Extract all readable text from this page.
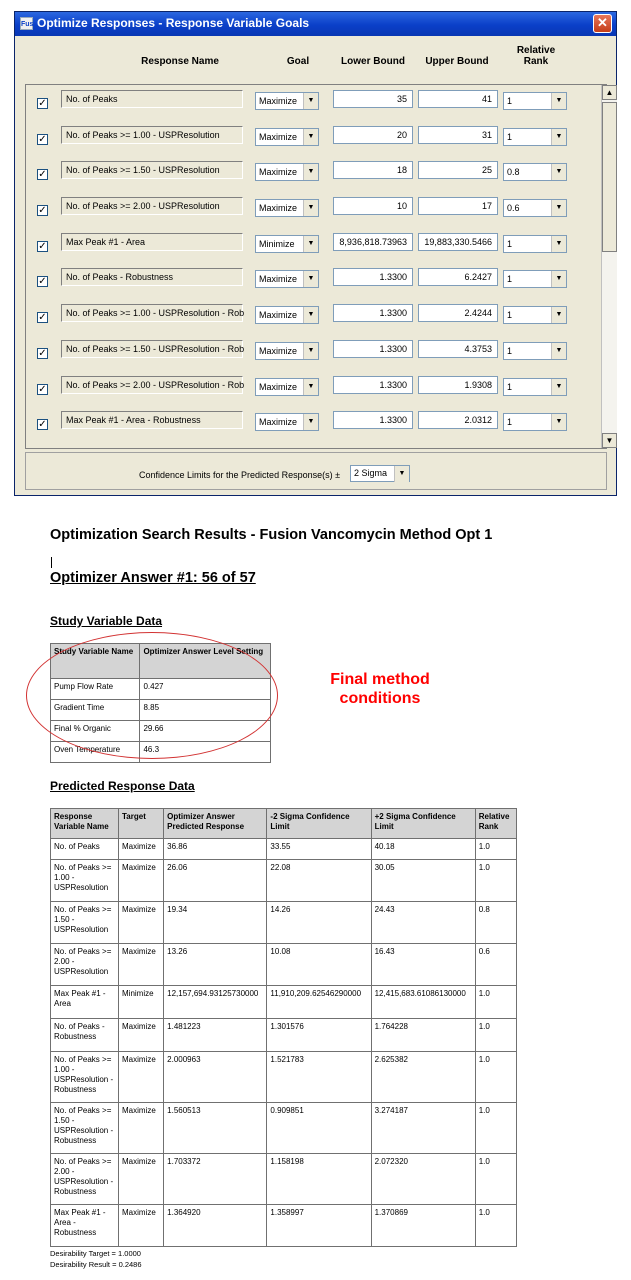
Fus Optimize Responses - Response Variable Goals	✕
Response Name	Goal	Lower Bound	Upper Bound
Relative
Rank
✓	No. of Peaks	Maximize	▼	35	41	1	▼
✓	No. of Peaks >= 1.00 - USPResolution	Maximize	▼	20	31	1	▼
✓	No. of Peaks >= 1.50 - USPResolution	Maximize	▼	18	25	0.8	▼
✓	No. of Peaks >= 2.00 - USPResolution	Maximize	▼	10	17	0.6	▼
✓	Max Peak #1 - Area	Minimize	▼	8,936,818.73963	19,883,330.5466	1	▼
✓	No. of Peaks - Robustness	Maximize	▼	1.3300	6.2427	1	▼
✓	No. of Peaks >= 1.00 - USPResolution - Rob	Maximize	▼	1.3300	2.4244	1	▼
✓	No. of Peaks >= 1.50 - USPResolution - Rob	Maximize	▼	1.3300	4.3753	1	▼
✓	No. of Peaks >= 2.00 - USPResolution - Rob	Maximize	▼	1.3300	1.9308	1	▼
✓	Max Peak #1 - Area - Robustness	Maximize	▼	1.3300	2.0312	1	▼
▲
▼
Confidence Limits for the Predicted Response(s) ±	2 Sigma	▼
Optimization Search Results - Fusion Vancomycin Method Opt 1
Optimizer Answer #1: 56 of 57
Study Variable Data
Study Variable Name	Optimizer Answer Level Setting
Pump Flow Rate	0.427
Gradient Time	8.85
Final % Organic	29.66
Oven Temperature	46.3
Final method
conditions
Predicted Response Data
Response Variable Name	Target	Optimizer Answer Predicted Response	-2 Sigma Confidence Limit	+2 Sigma Confidence Limit	Relative Rank
No. of Peaks	Maximize	36.86	33.55	40.18	1.0
No. of Peaks >= 1.00 - USPResolution	Maximize	26.06	22.08	30.05	1.0
No. of Peaks >= 1.50 - USPResolution	Maximize	19.34	14.26	24.43	0.8
No. of Peaks >= 2.00 - USPResolution	Maximize	13.26	10.08	16.43	0.6
Max Peak #1 - Area	Minimize	12,157,694.93125730000	11,910,209.62546290000	12,415,683.61086130000	1.0
No. of Peaks - Robustness	Maximize	1.481223	1.301576	1.764228	1.0
No. of Peaks >= 1.00 - USPResolution - Robustness	Maximize	2.000963	1.521783	2.625382	1.0
No. of Peaks >= 1.50 - USPResolution - Robustness	Maximize	1.560513	0.909851	3.274187	1.0
No. of Peaks >= 2.00 - USPResolution - Robustness	Maximize	1.703372	1.158198	2.072320	1.0
Max Peak #1 - Area - Robustness	Maximize	1.364920	1.358997	1.370869	1.0
Desirability Target = 1.0000
Desirability Result = 0.2486
